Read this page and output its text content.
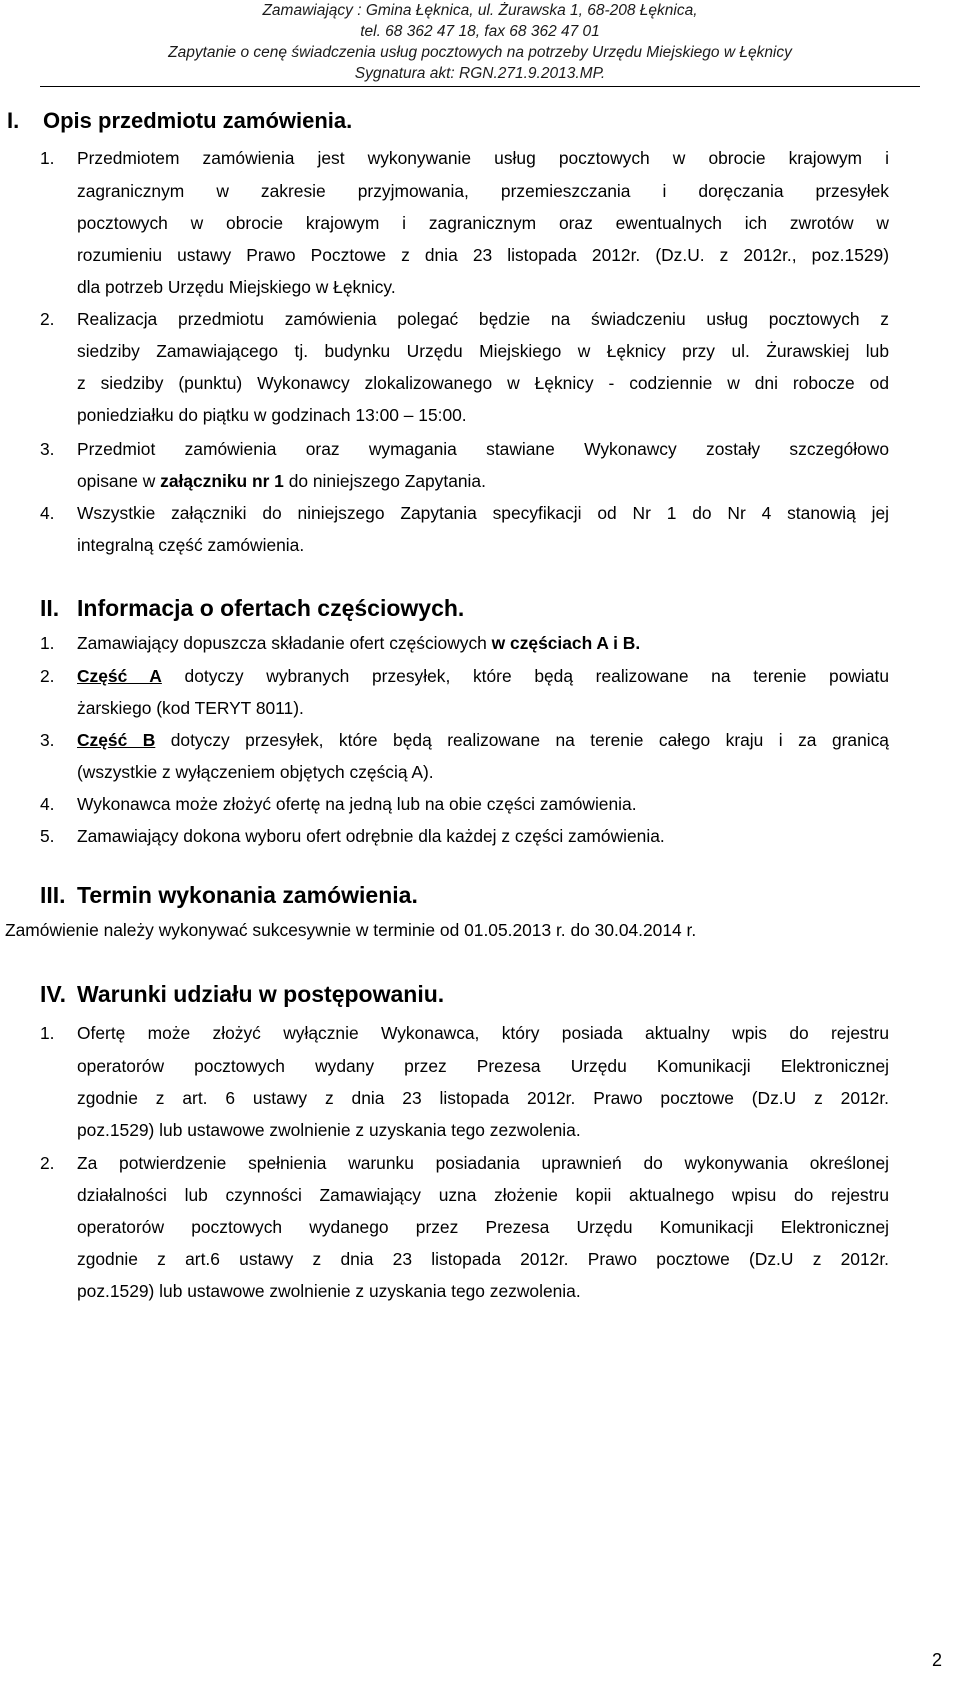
Zamawiający : Gmina Łęknica, ul. Żurawska 1, 68-208 Łęknica,
tel. 68 362 47 18, fax 68 362 47 01
Zapytanie o cenę świadczenia usług pocztowych na potrzeby Urzędu Miejskiego w Łęknicy
Sygnatura akt: RGN.271.9.2013.MP.
I. Opis przedmiotu zamówienia.
1. Przedmiotem zamówienia jest wykonywanie usług pocztowych w obrocie krajowym i
zagranicznym w zakresie przyjmowania, przemieszczania i doręczania przesyłek
pocztowych w obrocie krajowym i zagranicznym oraz ewentualnych ich zwrotów w
rozumieniu ustawy Prawo Pocztowe z dnia 23 listopada 2012r. (Dz.U. z 2012r., poz.1529)
dla potrzeb Urzędu Miejskiego w Łęknicy.
2. Realizacja przedmiotu zamówienia polegać będzie na świadczeniu usług pocztowych z
siedziby Zamawiającego tj. budynku Urzędu Miejskiego w Łęknicy przy ul. Żurawskiej lub
z siedziby (punktu) Wykonawcy zlokalizowanego w Łęknicy - codziennie w dni robocze od
poniedziałku do piątku w godzinach 13:00 – 15:00.
3. Przedmiot zamówienia oraz wymagania stawiane Wykonawcy zostały szczegółowo
opisane w załączniku nr 1 do niniejszego Zapytania.
4. Wszystkie załączniki do niniejszego Zapytania specyfikacji od Nr 1 do Nr 4 stanowią jej
integralną część zamówienia.
II. Informacja o ofertach częściowych.
1. Zamawiający dopuszcza składanie ofert częściowych w częściach A i B.
2. Część A dotyczy wybranych przesyłek, które będą realizowane na terenie powiatu
żarskiego (kod TERYT 8011).
3. Część B dotyczy przesyłek, które będą realizowane na terenie całego kraju i za granicą
(wszystkie z wyłączeniem objętych częścią A).
4. Wykonawca może złożyć ofertę na jedną lub na obie części zamówienia.
5. Zamawiający dokona wyboru ofert odrębnie dla każdej z części zamówienia.
III. Termin wykonania zamówienia.
Zamówienie należy wykonywać sukcesywnie w terminie od 01.05.2013 r. do 30.04.2014 r.
IV. Warunki udziału w postępowaniu.
1. Ofertę może złożyć wyłącznie Wykonawca, który posiada aktualny wpis do rejestru
operatorów pocztowych wydany przez Prezesa Urzędu Komunikacji Elektronicznej
zgodnie z art. 6 ustawy z dnia 23 listopada 2012r. Prawo pocztowe (Dz.U z 2012r.
poz.1529) lub ustawowe zwolnienie z uzyskania tego zezwolenia.
2. Za potwierdzenie spełnienia warunku posiadania uprawnień do wykonywania określonej
działalności lub czynności Zamawiający uzna złożenie kopii aktualnego wpisu do rejestru
operatorów pocztowych wydanego przez Prezesa Urzędu Komunikacji Elektronicznej
zgodnie z art.6 ustawy z dnia 23 listopada 2012r. Prawo pocztowe (Dz.U z 2012r.
poz.1529) lub ustawowe zwolnienie z uzyskania tego zezwolenia.
2
